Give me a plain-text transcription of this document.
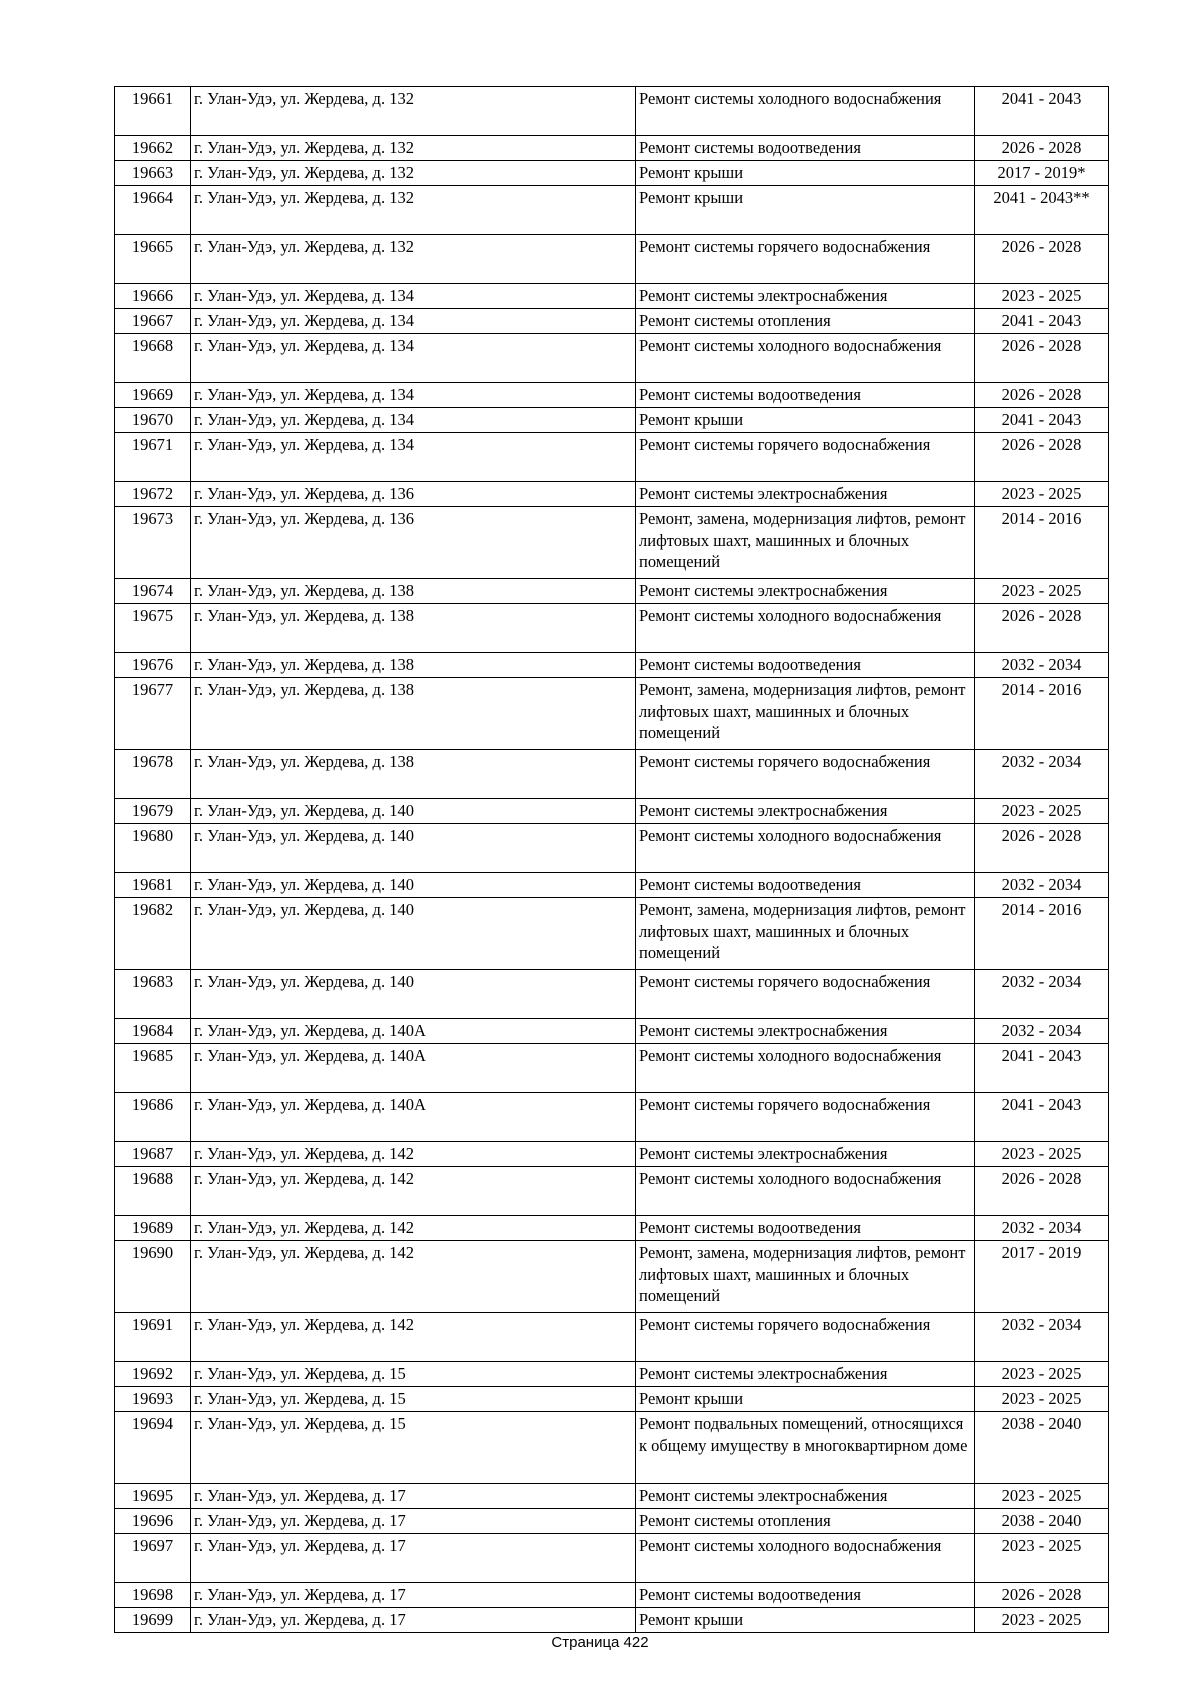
19661	г. Улан-Удэ, ул. Жердева, д. 132	Ремонт системы холодного водоснабжения	2041 - 2043
19662	г. Улан-Удэ, ул. Жердева, д. 132	Ремонт системы водоотведения	2026 - 2028
19663	г. Улан-Удэ, ул. Жердева, д. 132	Ремонт крыши	2017 - 2019*
19664	г. Улан-Удэ, ул. Жердева, д. 132	Ремонт крыши	2041 - 2043**
19665	г. Улан-Удэ, ул. Жердева, д. 132	Ремонт системы горячего водоснабжения	2026 - 2028
19666	г. Улан-Удэ, ул. Жердева, д. 134	Ремонт системы электроснабжения	2023 - 2025
19667	г. Улан-Удэ, ул. Жердева, д. 134	Ремонт системы отопления	2041 - 2043
19668	г. Улан-Удэ, ул. Жердева, д. 134	Ремонт системы холодного водоснабжения	2026 - 2028
19669	г. Улан-Удэ, ул. Жердева, д. 134	Ремонт системы водоотведения	2026 - 2028
19670	г. Улан-Удэ, ул. Жердева, д. 134	Ремонт крыши	2041 - 2043
19671	г. Улан-Удэ, ул. Жердева, д. 134	Ремонт системы горячего водоснабжения	2026 - 2028
19672	г. Улан-Удэ, ул. Жердева, д. 136	Ремонт системы электроснабжения	2023 - 2025
19673	г. Улан-Удэ, ул. Жердева, д. 136	Ремонт, замена, модернизация лифтов, ремонт лифтовых шахт, машинных и блочных помещений	2014 - 2016
19674	г. Улан-Удэ, ул. Жердева, д. 138	Ремонт системы электроснабжения	2023 - 2025
19675	г. Улан-Удэ, ул. Жердева, д. 138	Ремонт системы холодного водоснабжения	2026 - 2028
19676	г. Улан-Удэ, ул. Жердева, д. 138	Ремонт системы водоотведения	2032 - 2034
19677	г. Улан-Удэ, ул. Жердева, д. 138	Ремонт, замена, модернизация лифтов, ремонт лифтовых шахт, машинных и блочных помещений	2014 - 2016
19678	г. Улан-Удэ, ул. Жердева, д. 138	Ремонт системы горячего водоснабжения	2032 - 2034
19679	г. Улан-Удэ, ул. Жердева, д. 140	Ремонт системы электроснабжения	2023 - 2025
19680	г. Улан-Удэ, ул. Жердева, д. 140	Ремонт системы холодного водоснабжения	2026 - 2028
19681	г. Улан-Удэ, ул. Жердева, д. 140	Ремонт системы водоотведения	2032 - 2034
19682	г. Улан-Удэ, ул. Жердева, д. 140	Ремонт, замена, модернизация лифтов, ремонт лифтовых шахт, машинных и блочных помещений	2014 - 2016
19683	г. Улан-Удэ, ул. Жердева, д. 140	Ремонт системы горячего водоснабжения	2032 - 2034
19684	г. Улан-Удэ, ул. Жердева, д. 140А	Ремонт системы электроснабжения	2032 - 2034
19685	г. Улан-Удэ, ул. Жердева, д. 140А	Ремонт системы холодного водоснабжения	2041 - 2043
19686	г. Улан-Удэ, ул. Жердева, д. 140А	Ремонт системы горячего водоснабжения	2041 - 2043
19687	г. Улан-Удэ, ул. Жердева, д. 142	Ремонт системы электроснабжения	2023 - 2025
19688	г. Улан-Удэ, ул. Жердева, д. 142	Ремонт системы холодного водоснабжения	2026 - 2028
19689	г. Улан-Удэ, ул. Жердева, д. 142	Ремонт системы водоотведения	2032 - 2034
19690	г. Улан-Удэ, ул. Жердева, д. 142	Ремонт, замена, модернизация лифтов, ремонт лифтовых шахт, машинных и блочных помещений	2017 - 2019
19691	г. Улан-Удэ, ул. Жердева, д. 142	Ремонт системы горячего водоснабжения	2032 - 2034
19692	г. Улан-Удэ, ул. Жердева, д. 15	Ремонт системы электроснабжения	2023 - 2025
19693	г. Улан-Удэ, ул. Жердева, д. 15	Ремонт крыши	2023 - 2025
19694	г. Улан-Удэ, ул. Жердева, д. 15	Ремонт подвальных помещений, относящихся к общему имуществу в многоквартирном доме	2038 - 2040
19695	г. Улан-Удэ, ул. Жердева, д. 17	Ремонт системы электроснабжения	2023 - 2025
19696	г. Улан-Удэ, ул. Жердева, д. 17	Ремонт системы отопления	2038 - 2040
19697	г. Улан-Удэ, ул. Жердева, д. 17	Ремонт системы холодного водоснабжения	2023 - 2025
19698	г. Улан-Удэ, ул. Жердева, д. 17	Ремонт системы водоотведения	2026 - 2028
19699	г. Улан-Удэ, ул. Жердева, д. 17	Ремонт крыши	2023 - 2025
Страница 422
